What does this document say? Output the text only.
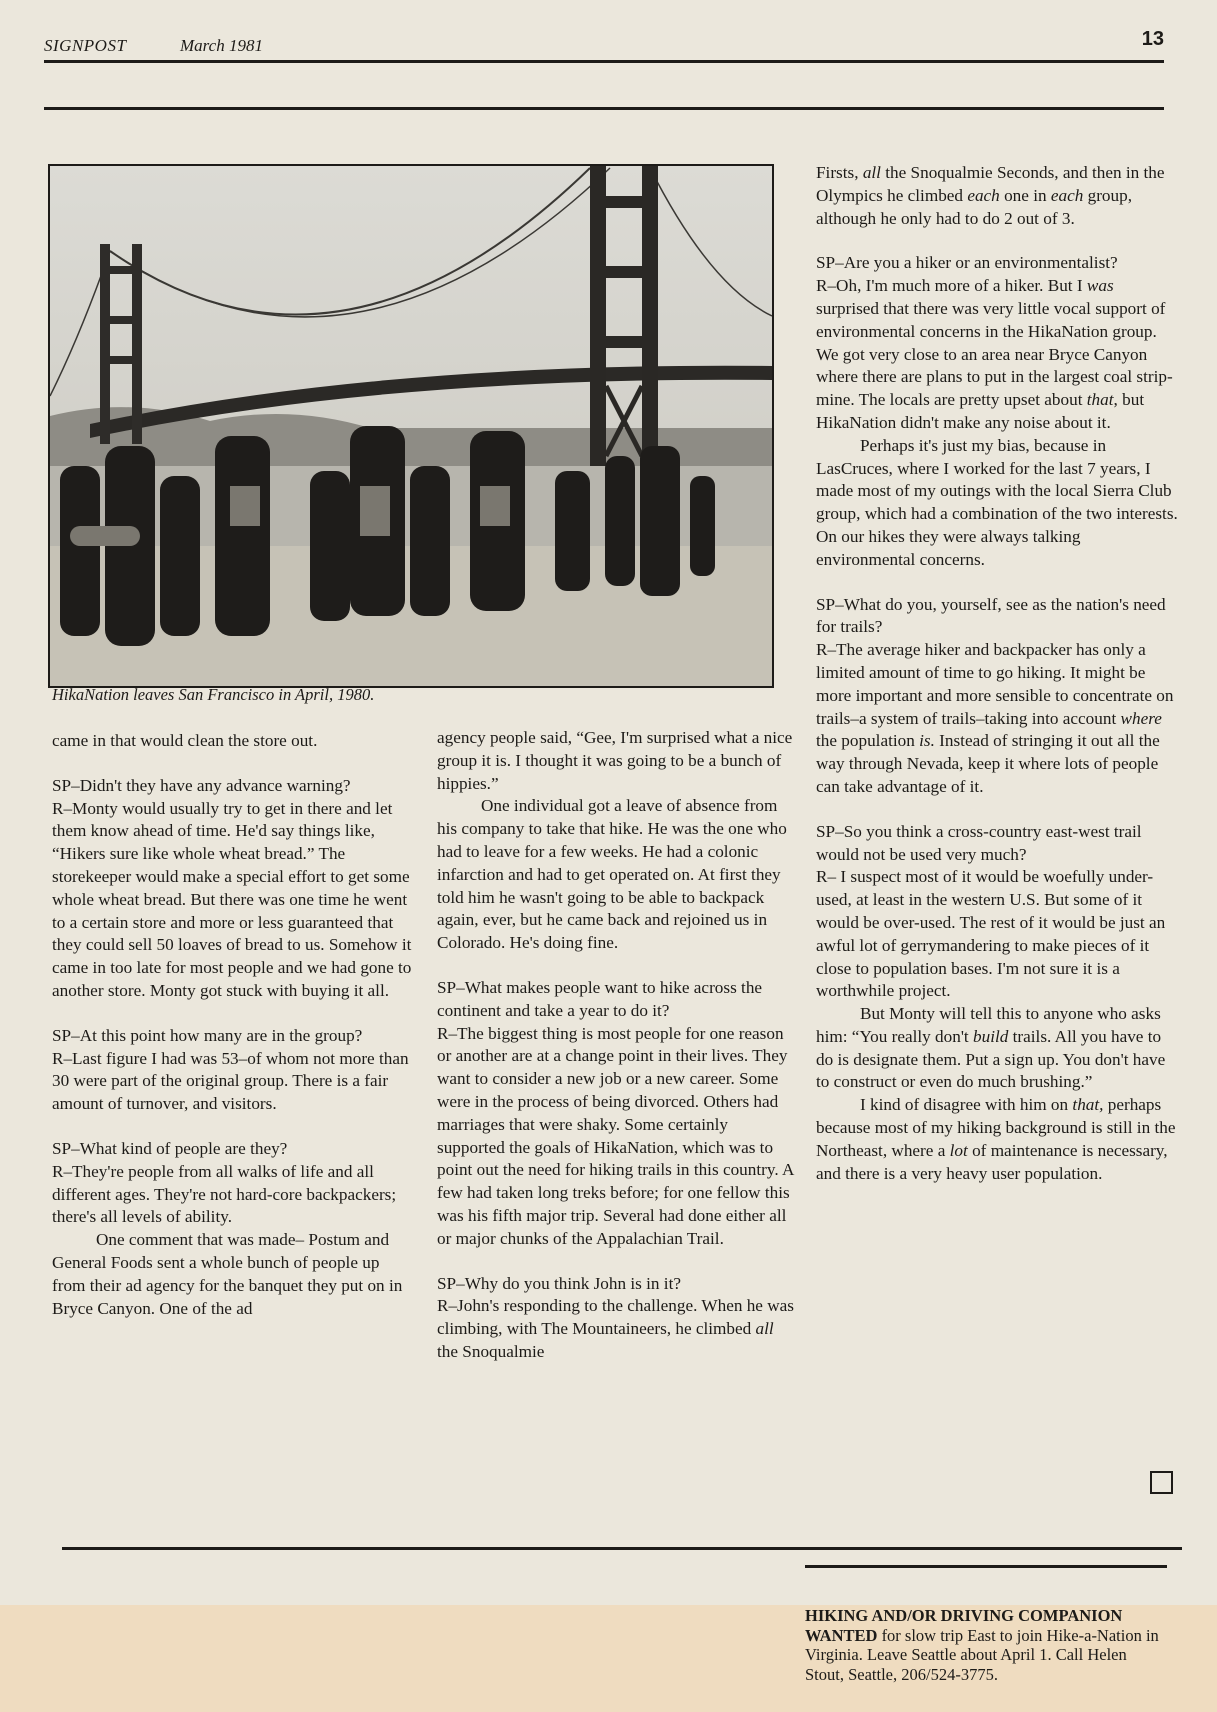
SIGNPOST	March 1981	13
HikaNation leaves San Francisco in April, 1980.

came in that would clean the store out.

SP–Didn't they have any advance warning?
R–Monty would usually try to get in there and let them know ahead of time. He'd say things like, “Hikers sure like whole wheat bread.” The storekeeper would make a special effort to get some whole wheat bread. But there was one time he went to a certain store and more or less guaranteed that they could sell 50 loaves of bread to us. Somehow it came in too late for most people and we had gone to another store. Monty got stuck with buying it all.

SP–At this point how many are in the group?
R–Last figure I had was 53–of whom not more than 30 were part of the original group. There is a fair amount of turnover, and visitors.

SP–What kind of people are they?
R–They're people from all walks of life and all different ages. They're not hard-core backpackers; there's all levels of ability.

One comment that was made– Postum and General Foods sent a whole bunch of people up from their ad agency for the banquet they put on in Bryce Canyon. One of the ad

agency people said, “Gee, I'm surprised what a nice group it is. I thought it was going to be a bunch of hippies.”

One individual got a leave of absence from his company to take that hike. He was the one who had to leave for a few weeks. He had a colonic infarction and had to get operated on. At first they told him he wasn't going to be able to backpack again, ever, but he came back and rejoined us in Colorado. He's doing fine.

SP–What makes people want to hike across the continent and take a year to do it?
R–The biggest thing is most people for one reason or another are at a change point in their lives. They want to consider a new job or a new career. Some were in the process of being divorced. Others had marriages that were shaky. Some certainly supported the goals of HikaNation, which was to point out the need for hiking trails in this country. A few had taken long treks before; for one fellow this was his fifth major trip. Several had done either all or major chunks of the Appalachian Trail.

SP–Why do you think John is in it?
R–John's responding to the challenge. When he was climbing, with The Mountaineers, he climbed all the Snoqualmie

Firsts, all the Snoqualmie Seconds, and then in the Olympics he climbed each one in each group, although he only had to do 2 out of 3.

SP–Are you a hiker or an environmentalist?
R–Oh, I'm much more of a hiker. But I was surprised that there was very little vocal support of environmental concerns in the HikaNation group. We got very close to an area near Bryce Canyon where there are plans to put in the largest coal strip-mine. The locals are pretty upset about that, but HikaNation didn't make any noise about it.

Perhaps it's just my bias, because in LasCruces, where I worked for the last 7 years, I made most of my outings with the local Sierra Club group, which had a combination of the two interests. On our hikes they were always talking environmental concerns.

SP–What do you, yourself, see as the nation's need for trails?
R–The average hiker and backpacker has only a limited amount of time to go hiking. It might be more important and more sensible to concentrate on trails–a system of trails–taking into account where the population is. Instead of stringing it out all the way through Nevada, keep it where lots of people can take advantage of it.

SP–So you think a cross-country east-west trail would not be used very much?
R– I suspect most of it would be woefully under-used, at least in the western U.S. But some of it would be over-used. The rest of it would be just an awful lot of gerrymandering to make pieces of it close to population bases. I'm not sure it is a worthwhile project.

But Monty will tell this to anyone who asks him: “You really don't build trails. All you have to do is designate them. Put a sign up. You don't have to construct or even do much brushing.”

I kind of disagree with him on that, perhaps because most of my hiking background is still in the Northeast, where a lot of maintenance is necessary, and there is a very heavy user population.

HIKING AND/OR DRIVING COMPANION WANTED for slow trip East to join Hike-a-Nation in Virginia. Leave Seattle about April 1. Call Helen Stout, Seattle, 206/524-3775.
